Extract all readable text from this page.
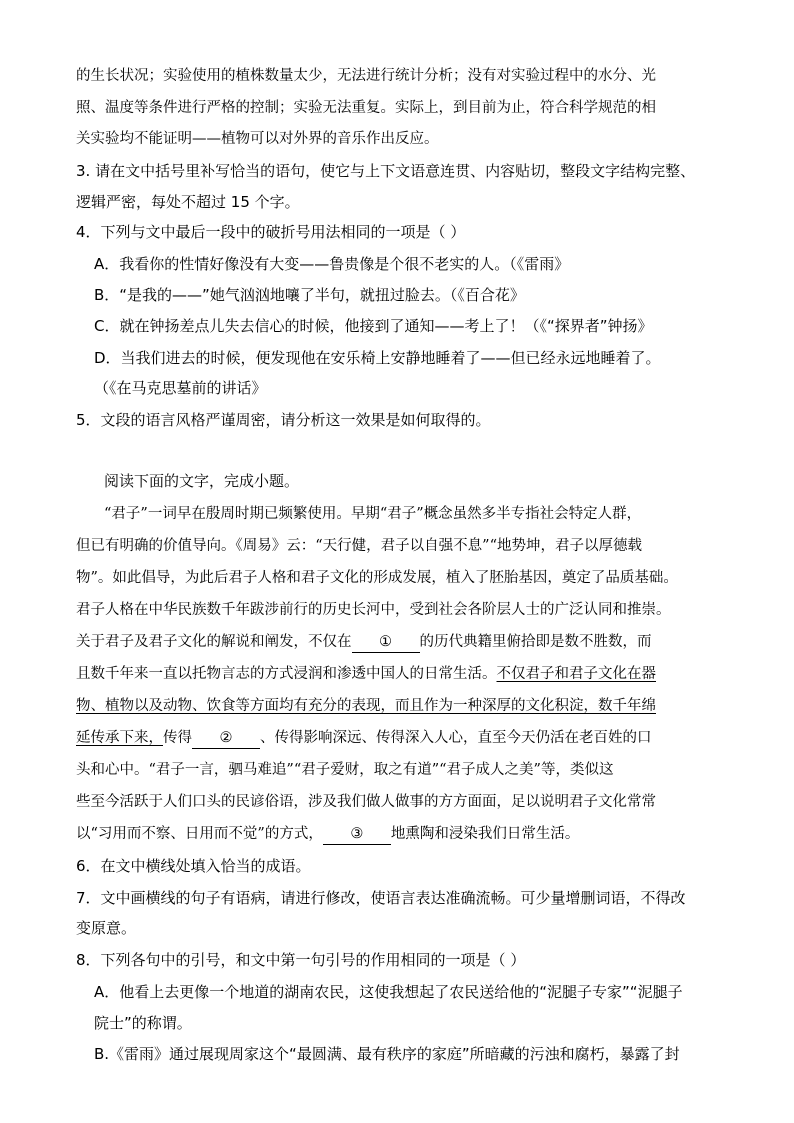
的生长状况；实验使用的植株数量太少，无法进行统计分析；没有对实验过程中的水分、光
照、温度等条件进行严格的控制；实验无法重复。实际上，到目前为止，符合科学规范的相
关实验均不能证明——植物可以对外界的音乐作出反应。
3. 请在文中括号里补写恰当的语句，使它与上下文语意连贯、内容贴切，整段文字结构完整、
逻辑严密，每处不超过 15 个字。
4．下列与文中最后一段中的破折号用法相同的一项是（ ）
A．我看你的性情好像没有大变——鲁贵像是个很不老实的人。（《雷雨》
B．“是我的——”她气汹汹地嚷了半句，就扭过脸去。（《百合花》
C．就在钟扬差点儿失去信心的时候，他接到了通知——考上了！（《“探界者”钟扬》
D．当我们进去的时候，便发现他在安乐椅上安静地睡着了——但已经永远地睡着了。
（《在马克思墓前的讲话》
5．文段的语言风格严谨周密，请分析这一效果是如何取得的。
阅读下面的文字，完成小题。
“君子”一词早在殷周时期已频繁使用。早期“君子”概念虽然多半专指社会特定人群，
但已有明确的价值导向。《周易》云：“天行健，君子以自强不息”“地势坤，君子以厚德载
物”。如此倡导，为此后君子人格和君子文化的形成发展，植入了胚胎基因，奠定了品质基础。
君子人格在中华民族数千年跋涉前行的历史长河中，受到社会各阶层人士的广泛认同和推崇。
关于君子及君子文化的解说和阐发，不仅在 ① 的历代典籍里俯拾即是数不胜数，而
且数千年来一直以托物言志的方式浸润和渗透中国人的日常生活。不仅君子和君子文化在器
物、植物以及动物、饮食等方面均有充分的表现，而且作为一种深厚的文化积淀，数千年绵
延传承下来，传得 ② 、传得影响深远、传得深入人心，直至今天仍活在老百姓的口
头和心中。“君子一言，驷马难追”“君子爱财，取之有道”“君子成人之美”等，类似这
些至今活跃于人们口头的民谚俗语，涉及我们做人做事的方方面面，足以说明君子文化常常
以“习用而不察、日用而不觉”的方式， ③ 地熏陶和浸染我们日常生活。
6．在文中横线处填入恰当的成语。
7．文中画横线的句子有语病，请进行修改，使语言表达准确流畅。可少量增删词语，不得改
变原意。
8．下列各句中的引号，和文中第一句引号的作用相同的一项是（ ）
A．他看上去更像一个地道的湖南农民，这使我想起了农民送给他的“泥腿子专家”“泥腿子
院士”的称谓。
B.《雷雨》通过展现周家这个“最圆满、最有秩序的家庭”所暗藏的污浊和腐朽，暴露了封
